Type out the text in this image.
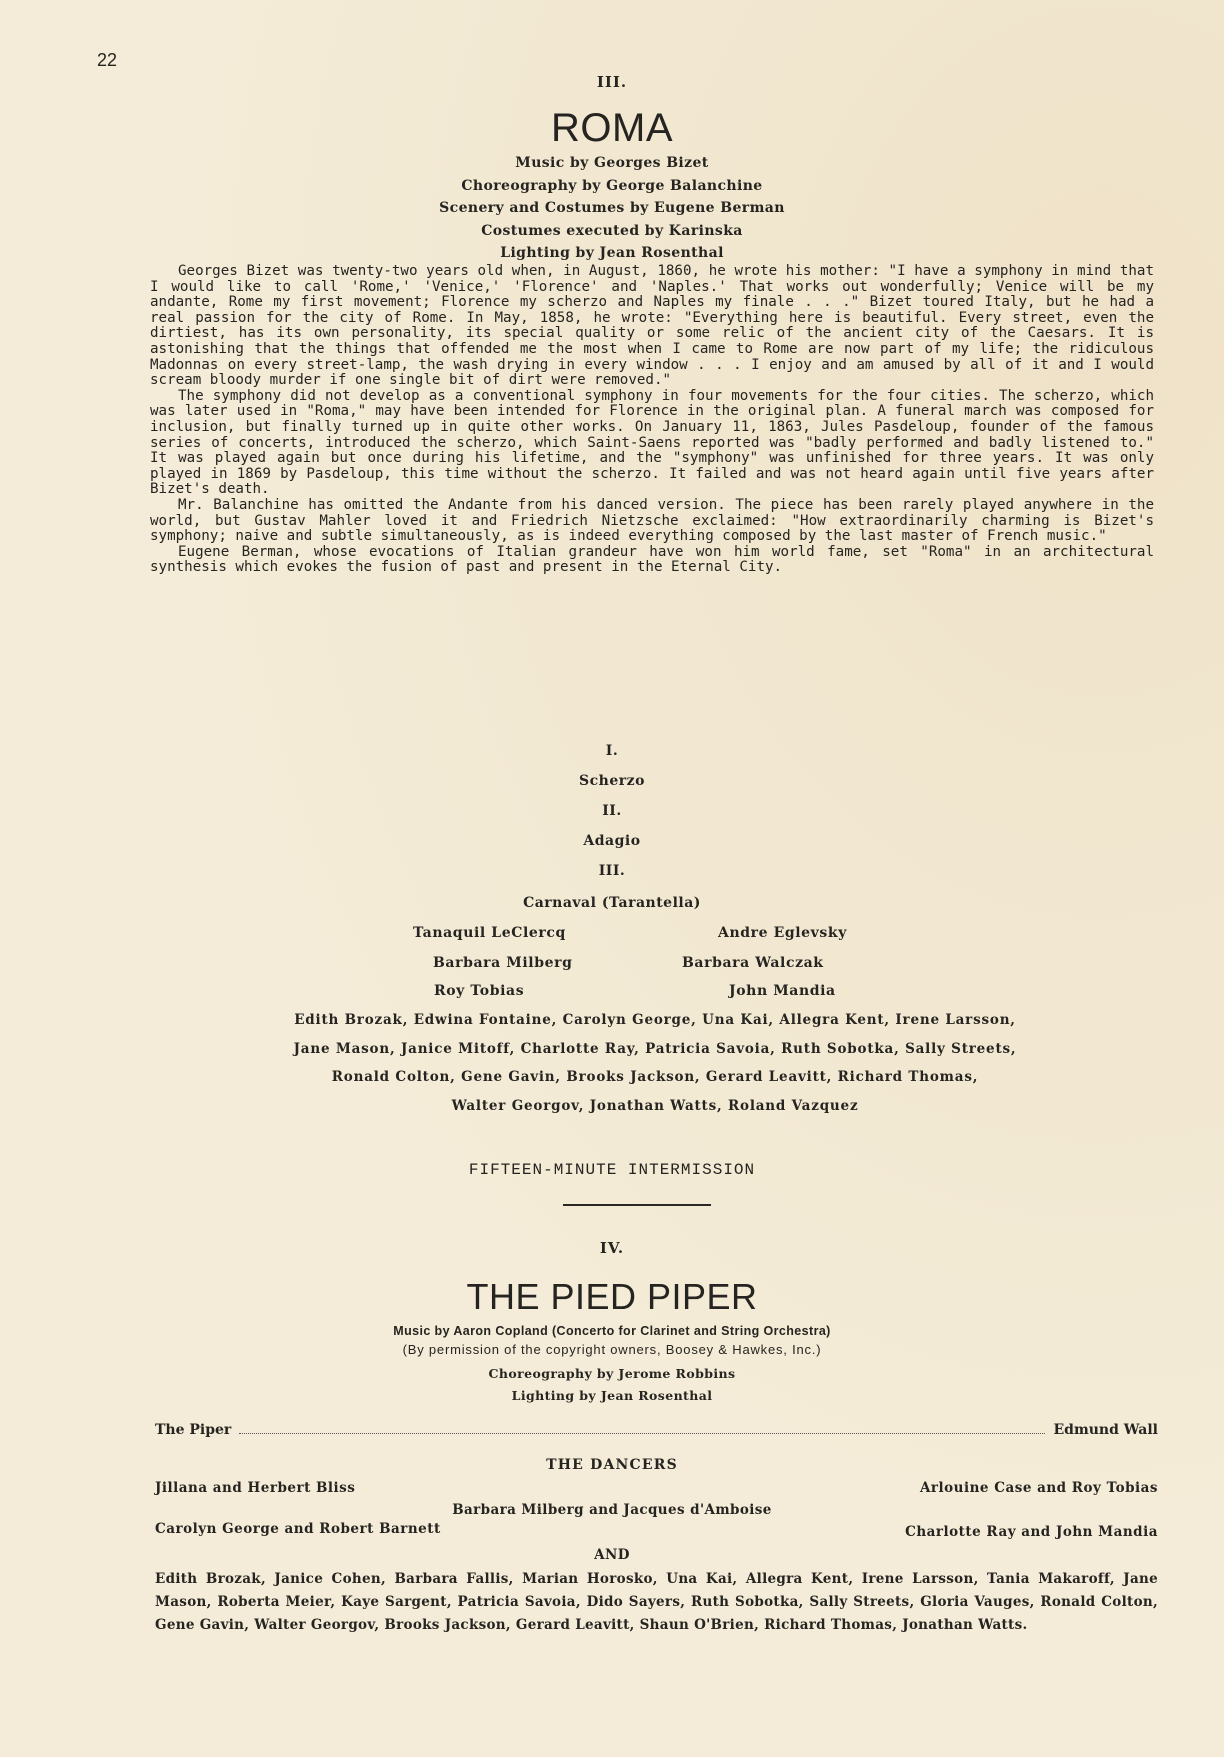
22
III.
ROMA
Music by Georges Bizet
Choreography by George Balanchine
Scenery and Costumes by Eugene Berman
Costumes executed by Karinska
Lighting by Jean Rosenthal

Georges Bizet was twenty-two years old when, in August, 1860, he wrote his mother: "I have a symphony in mind that I would like to call 'Rome,' 'Venice,' 'Florence' and 'Naples.' That works out wonderfully; Venice will be my andante, Rome my first movement; Florence my scherzo and Naples my finale . . ." Bizet toured Italy, but he had a real passion for the city of Rome. In May, 1858, he wrote: "Everything here is beautiful. Every street, even the dirtiest, has its own personality, its special quality or some relic of the ancient city of the Caesars. It is astonishing that the things that offended me the most when I came to Rome are now part of my life; the ridiculous Madonnas on every street-lamp, the wash drying in every window . . . I enjoy and am amused by all of it and I would scream bloody murder if one single bit of dirt were removed."

The symphony did not develop as a conventional symphony in four movements for the four cities. The scherzo, which was later used in "Roma," may have been intended for Florence in the original plan. A funeral march was composed for inclusion, but finally turned up in quite other works. On January 11, 1863, Jules Pasdeloup, founder of the famous series of concerts, introduced the scherzo, which Saint-Saens reported was "badly performed and badly listened to." It was played again but once during his lifetime, and the "symphony" was unfinished for three years. It was only played in 1869 by Pasdeloup, this time without the scherzo. It failed and was not heard again until five years after Bizet's death.

Mr. Balanchine has omitted the Andante from his danced version. The piece has been rarely played anywhere in the world, but Gustav Mahler loved it and Friedrich Nietzsche exclaimed: "How extraordinarily charming is Bizet's symphony; naive and subtle simultaneously, as is indeed everything composed by the last master of French music."

Eugene Berman, whose evocations of Italian grandeur have won him world fame, set "Roma" in an architectural synthesis which evokes the fusion of past and present in the Eternal City.

I.
Scherzo
II.
Adagio
III.
Carnaval (Tarantella)
Tanaquil LeClercq	Andre Eglevsky
Barbara Milberg	Barbara Walczak
Roy Tobias	John Mandia
Edith Brozak, Edwina Fontaine, Carolyn George, Una Kai, Allegra Kent, Irene Larsson,
Jane Mason, Janice Mitoff, Charlotte Ray, Patricia Savoia, Ruth Sobotka, Sally Streets,
Ronald Colton, Gene Gavin, Brooks Jackson, Gerard Leavitt, Richard Thomas,
Walter Georgov, Jonathan Watts, Roland Vazquez
FIFTEEN-MINUTE INTERMISSION
IV.
THE PIED PIPER
Music by Aaron Copland (Concerto for Clarinet and String Orchestra)
(By permission of the copyright owners, Boosey & Hawkes, Inc.)
Choreography by Jerome Robbins
Lighting by Jean Rosenthal
The Piper	Edmund Wall
THE DANCERS
Jillana and Herbert Bliss	Arlouine Case and Roy Tobias
Barbara Milberg and Jacques d'Amboise
Carolyn George and Robert Barnett	Charlotte Ray and John Mandia
AND
Edith Brozak, Janice Cohen, Barbara Fallis, Marian Horosko, Una Kai, Allegra Kent, Irene Larsson, Tania Makaroff, Jane Mason, Roberta Meier, Kaye Sargent, Patricia Savoia, Dido Sayers, Ruth Sobotka, Sally Streets, Gloria Vauges, Ronald Colton, Gene Gavin, Walter Georgov, Brooks Jackson, Gerard Leavitt, Shaun O'Brien, Richard Thomas, Jonathan Watts.
